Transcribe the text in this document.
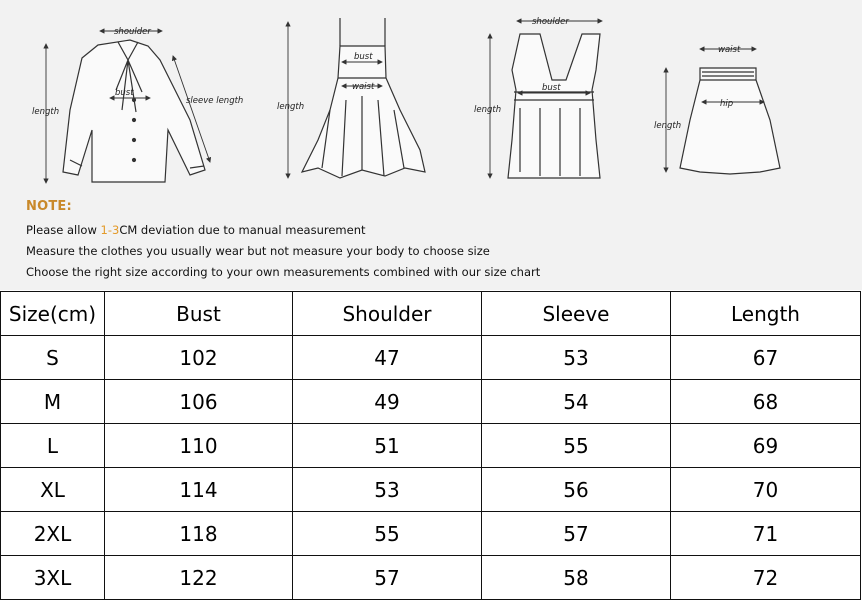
shoulder
length
bust
sleeve length
bust
waist
length
shoulder
bust
length
waist
hip
length
NOTE:
Please allow 1-3CM deviation due to manual measurement
Measure the clothes you usually wear but not measure your body to choose size
Choose the right size according to your own measurements combined with our size chart
Size(cm)	Bust	Shoulder	Sleeve	Length
S	102	47	53	67
M	106	49	54	68
L	110	51	55	69
XL	114	53	56	70
2XL	118	55	57	71
3XL	122	57	58	72
